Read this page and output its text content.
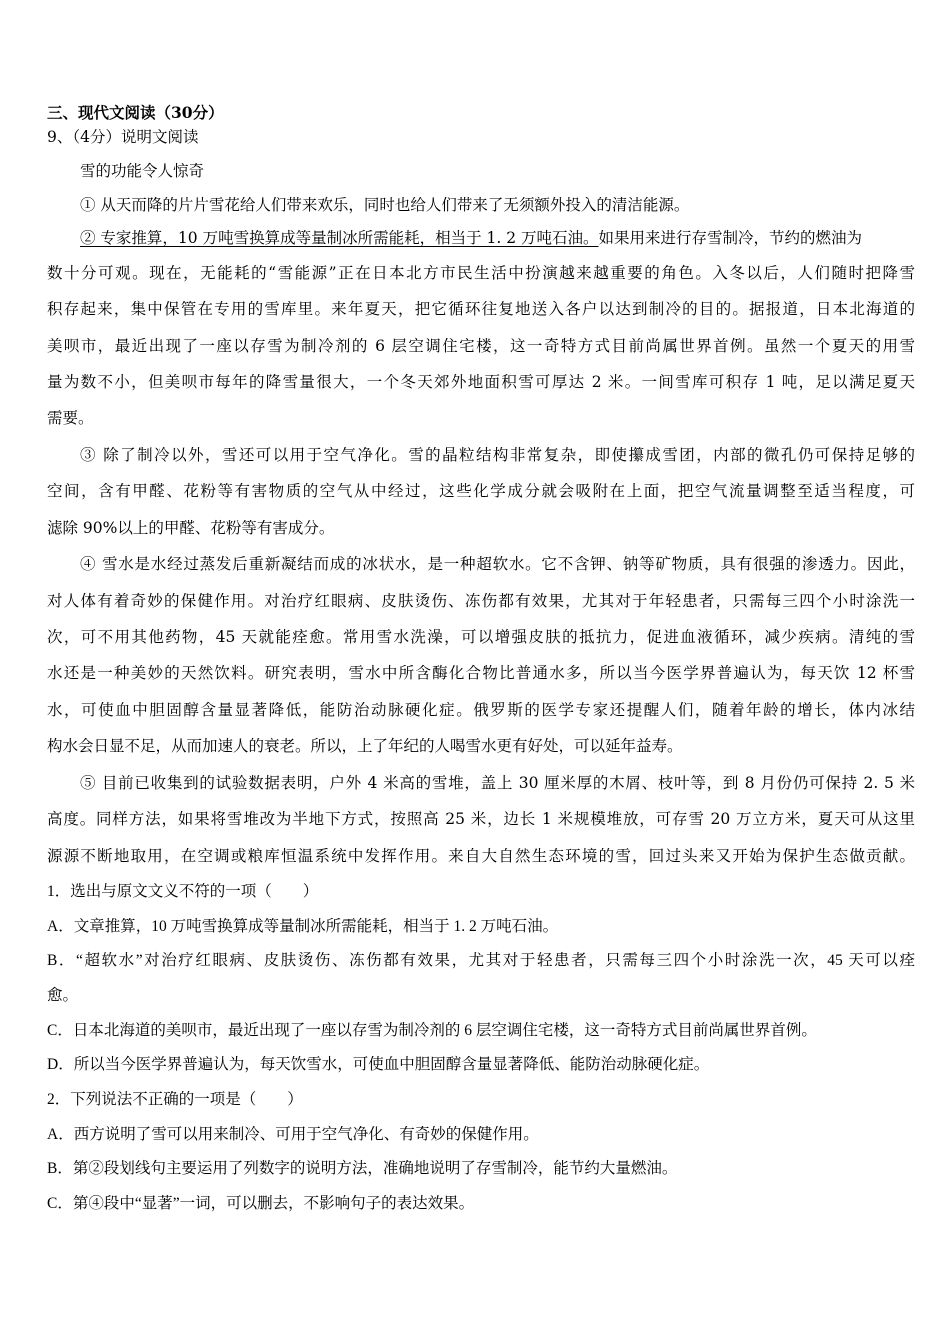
三、现代文阅读（30分）
9、（4分）说明文阅读
雪的功能令人惊奇
① 从天而降的片片雪花给人们带来欢乐，同时也给人们带来了无须额外投入的清洁能源。
② 专家推算，10 万吨雪换算成等量制冰所需能耗，相当于 1. 2 万吨石油。如果用来进行存雪制冷，节约的燃油为
数十分可观。现在，无能耗的“雪能源”正在日本北方市民生活中扮演越来越重要的角色。入冬以后，人们随时把降雪
积存起来，集中保管在专用的雪库里。来年夏天，把它循环往复地送入各户以达到制冷的目的。据报道，日本北海道的
美呗市，最近出现了一座以存雪为制冷剂的 6 层空调住宅楼，这一奇特方式目前尚属世界首例。虽然一个夏天的用雪
量为数不小，但美呗市每年的降雪量很大，一个冬天郊外地面积雪可厚达 2 米。一间雪库可积存 1 吨，足以满足夏天
需要。
③ 除了制冷以外，雪还可以用于空气净化。雪的晶粒结构非常复杂，即使攥成雪团，内部的微孔仍可保持足够的
空间，含有甲醛、花粉等有害物质的空气从中经过，这些化学成分就会吸附在上面，把空气流量调整至适当程度，可
滤除 90%以上的甲醛、花粉等有害成分。
④ 雪水是水经过蒸发后重新凝结而成的冰状水，是一种超软水。它不含钾、钠等矿物质，具有很强的渗透力。因此，
对人体有着奇妙的保健作用。对治疗红眼病、皮肤烫伤、冻伤都有效果，尤其对于年轻患者，只需每三四个小时涂洗一
次，可不用其他药物，45 天就能痊愈。常用雪水洗澡，可以增强皮肤的抵抗力，促进血液循环，减少疾病。清纯的雪
水还是一种美妙的天然饮料。研究表明，雪水中所含酶化合物比普通水多，所以当今医学界普遍认为，每天饮 12 杯雪
水，可使血中胆固醇含量显著降低，能防治动脉硬化症。俄罗斯的医学专家还提醒人们，随着年龄的增长，体内冰结
构水会日显不足，从而加速人的衰老。所以，上了年纪的人喝雪水更有好处，可以延年益寿。
⑤ 目前已收集到的试验数据表明，户外 4 米高的雪堆，盖上 30 厘米厚的木屑、枝叶等，到 8 月份仍可保持 2. 5 米
高度。同样方法，如果将雪堆改为半地下方式，按照高 25 米，边长 1 米规模堆放，可存雪 20 万立方米，夏天可从这里
源源不断地取用，在空调或粮库恒温系统中发挥作用。来自大自然生态环境的雪，回过头来又开始为保护生态做贡献。
1．选出与原文文义不符的一项（　　）
A．文章推算，10 万吨雪换算成等量制冰所需能耗，相当于 1. 2 万吨石油。
B．“超软水”对治疗红眼病、皮肤烫伤、冻伤都有效果，尤其对于轻患者，只需每三四个小时涂洗一次，45 天可以痊
愈。
C．日本北海道的美呗市，最近出现了一座以存雪为制冷剂的 6 层空调住宅楼，这一奇特方式目前尚属世界首例。
D．所以当今医学界普遍认为，每天饮雪水，可使血中胆固醇含量显著降低、能防治动脉硬化症。
2．下列说法不正确的一项是（　　）
A．西方说明了雪可以用来制冷、可用于空气净化、有奇妙的保健作用。
B．第②段划线句主要运用了列数字的说明方法，准确地说明了存雪制冷，能节约大量燃油。
C．第④段中“显著”一词，可以删去，不影响句子的表达效果。
